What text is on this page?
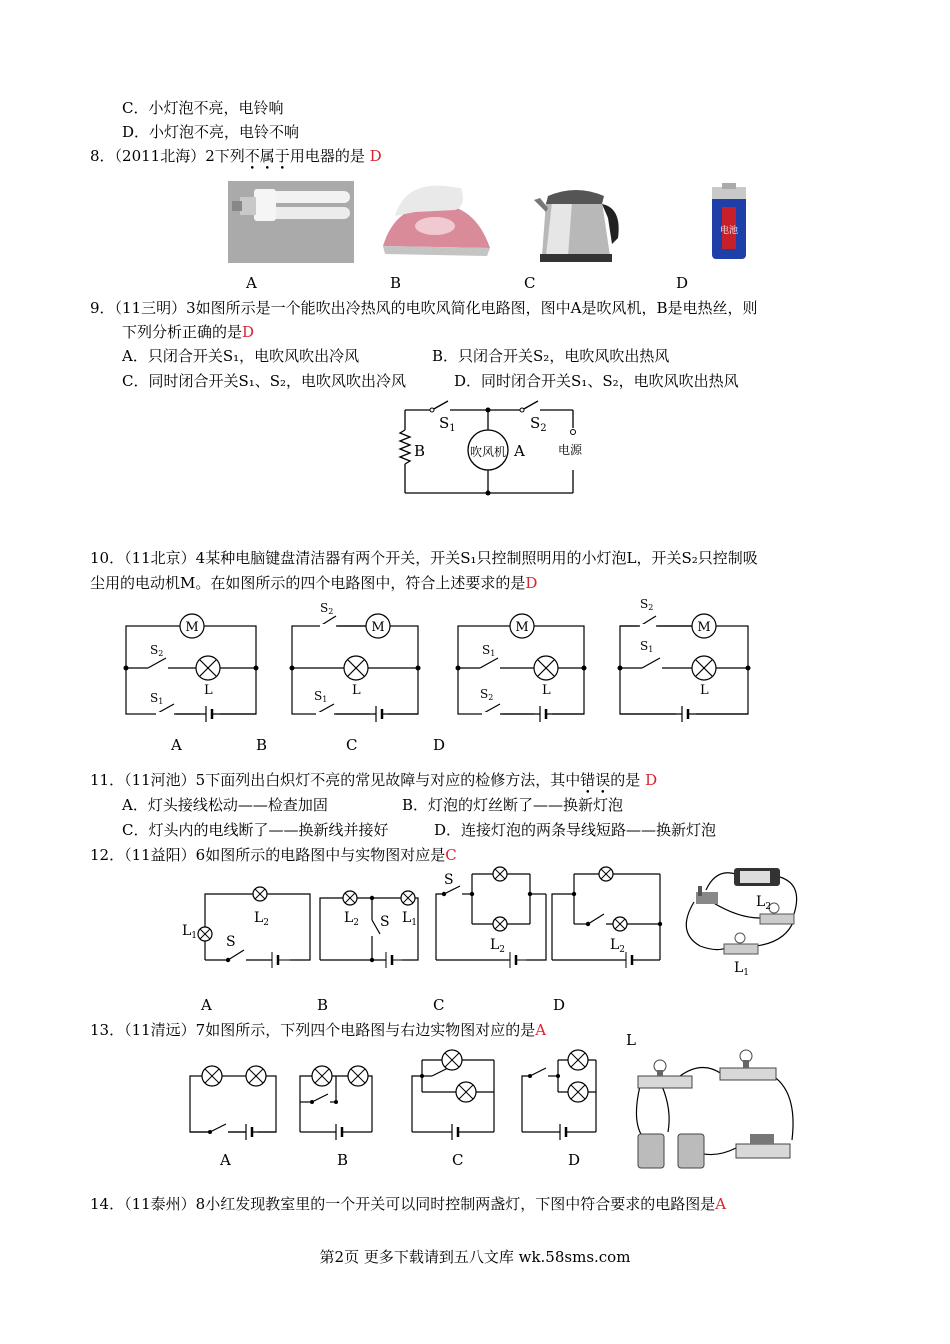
C．小灯泡不亮，电铃响
D．小灯泡不亮，电铃不响
8．（2011北海）2下列不属于用电器的是 D
电池
A	B	C	D
9．（11三明）3如图所示是一个能吹出冷热风的电吹风简化电路图，图中A是吹风机，B是电热丝，则
下列分析正确的是D
A．只闭合开关S₁，电吹风吹出冷风	B．只闭合开关S₂，电吹风吹出热风
C．同时闭合开关S₁、S₂，电吹风吹出冷风	D．同时闭合开关S₁、S₂，电吹风吹出热风
$S_1$	$S_2$
B	吹风机 A	电源
10．（11北京）4某种电脑键盘清洁器有两个开关，开关S₁只控制照明用的小灯泡L，开关S₂只控制吸
尘用的电动机M。在如图所示的四个电路图中，符合上述要求的是D
M	M	M	M
L	L	L	L
S2
S1
S2
S1
S1
S2
S2
S1
A	B	C	D
11．（11河池）5下面列出白炽灯不亮的常见故障与对应的检修方法，其中错误的是 D
A．灯头接线松动——检查加固	B．灯泡的灯丝断了——换新灯泡
C．灯头内的电线断了——换新线并接好	D．连接灯泡的两条导线短路——换新灯泡
12．（11益阳）6如图所示的电路图中与实物图对应是C
$L_2$
$L_1$ S
$L_2$	$L_1$
S
S
$L_2$	$L_2$
$L_2$
$L_1$
A	B	C	D
13．（11清远）7如图所示，下列四个电路图与右边实物图对应的是A
L
A	B	C	D
14．（11泰州）8小红发现教室里的一个开关可以同时控制两盏灯，下图中符合要求的电路图是A
第2页 更多下载请到五八文库 wk.58sms.com
